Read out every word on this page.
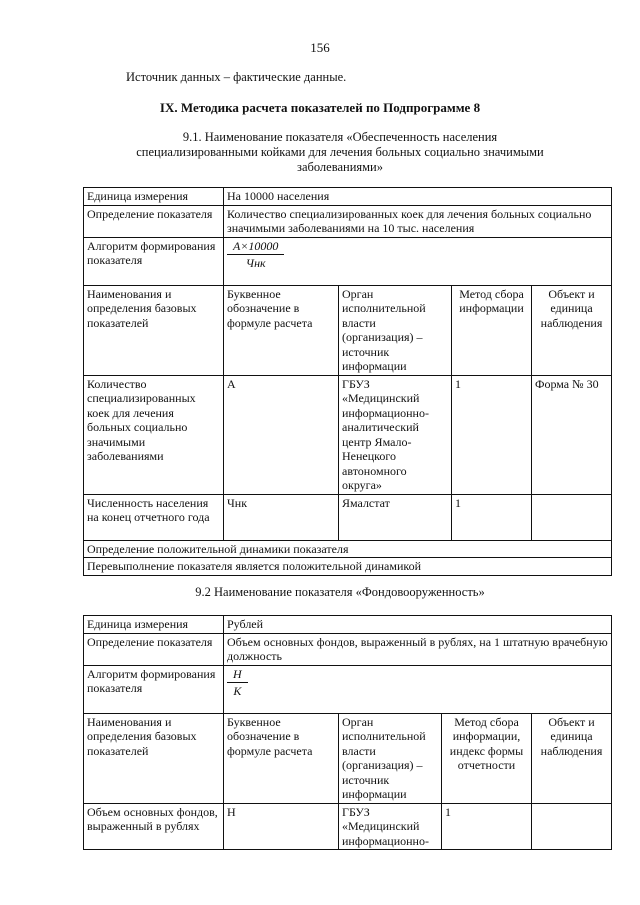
156
Источник данных – фактические данные.
IX. Методика расчета показателей по Подпрограмме 8
9.1. Наименование показателя «Обеспеченность населения специализированными койками для лечения больных социально значимыми заболеваниями»
Единица измерения	На 10000 населения			
Определение показателя	Количество специализированных коек для лечения больных социально значимыми заболеваниями на 10 тыс. населения			
Алгоритм формирования показателя	$\frac{A\times 10000}{\text{Чнк}}$

Наименования и определения базовых показателей	Буквенное обозначение в формуле расчета	Орган исполнительной власти (организация) – источник информации	Метод сбора информации	Объект и единица наблюдения
Количество специализированных коек для лечения больных социально значимыми заболеваниями	А	ГБУЗ «Медицинский информационно-аналитический центр Ямало-Ненецкого автономного округа»	1	Форма № 30
Численность населения на конец отчетного года	Чнк	Ямалстат	1	
Определение положительной динамики показателя				
Перевыполнение показателя является положительной динамикой				
9.2 Наименование показателя «Фондовооруженность»
Единица измерения	Рублей			
Определение показателя	Объем основных фондов, выраженный в рублях, на 1 штатную врачебную должность			
Алгоритм формирования показателя	$\frac{H}{K}$

Наименования и определения базовых показателей	Буквенное обозначение в формуле расчета	Орган исполнительной власти (организация) – источник информации	Метод сбора информации, индекс формы отчетности	Объект и единица наблюдения
Объем основных фондов, выраженный в рублях	Н	ГБУЗ «Медицинский информационно-	1	
